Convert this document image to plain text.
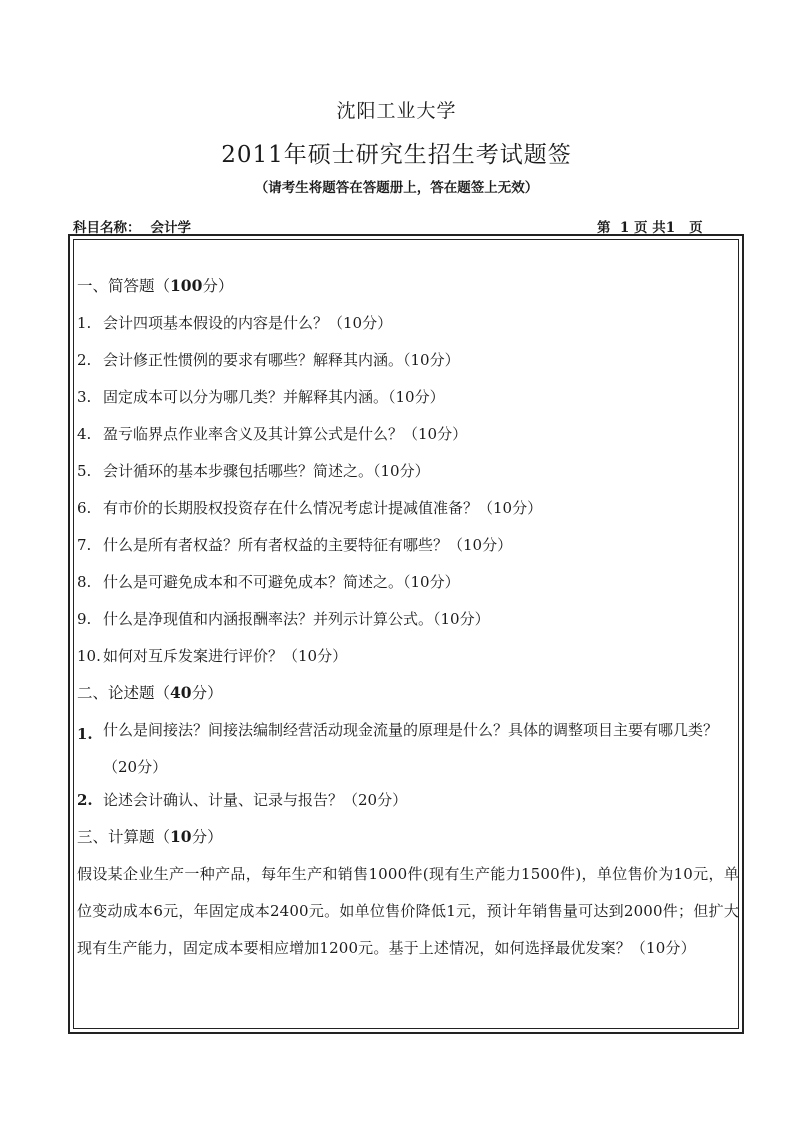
沈阳工业大学
2011年硕士研究生招生考试题签
（请考生将题答在答题册上，答在题签上无效）
科目名称： 会计学	第  1 页 共1   页
一、简答题（100分）
1. 会计四项基本假设的内容是什么？（10分）
2. 会计修正性惯例的要求有哪些？解释其内涵。（10分）
3. 固定成本可以分为哪几类？并解释其内涵。（10分）
4. 盈亏临界点作业率含义及其计算公式是什么？（10分）
5. 会计循环的基本步骤包括哪些？简述之。（10分）
6. 有市价的长期股权投资存在什么情况考虑计提减值准备？（10分）
7. 什么是所有者权益？所有者权益的主要特征有哪些？（10分）
8. 什么是可避免成本和不可避免成本？简述之。（10分）
9. 什么是净现值和内涵报酬率法？并列示计算公式。（10分）
10. 如何对互斥发案进行评价？（10分）
二、论述题（40分）
1. 什么是间接法？间接法编制经营活动现金流量的原理是什么？具体的调整项目主要有哪几类？（20分）
2. 论述会计确认、计量、记录与报告？（20分）
三、计算题（10分）
假设某企业生产一种产品，每年生产和销售1000件(现有生产能力1500件)，单位售价为10元，单位变动成本6元，年固定成本2400元。如单位售价降低1元，预计年销售量可达到2000件；但扩大现有生产能力，固定成本要相应增加1200元。基于上述情况，如何选择最优发案？（10分）
